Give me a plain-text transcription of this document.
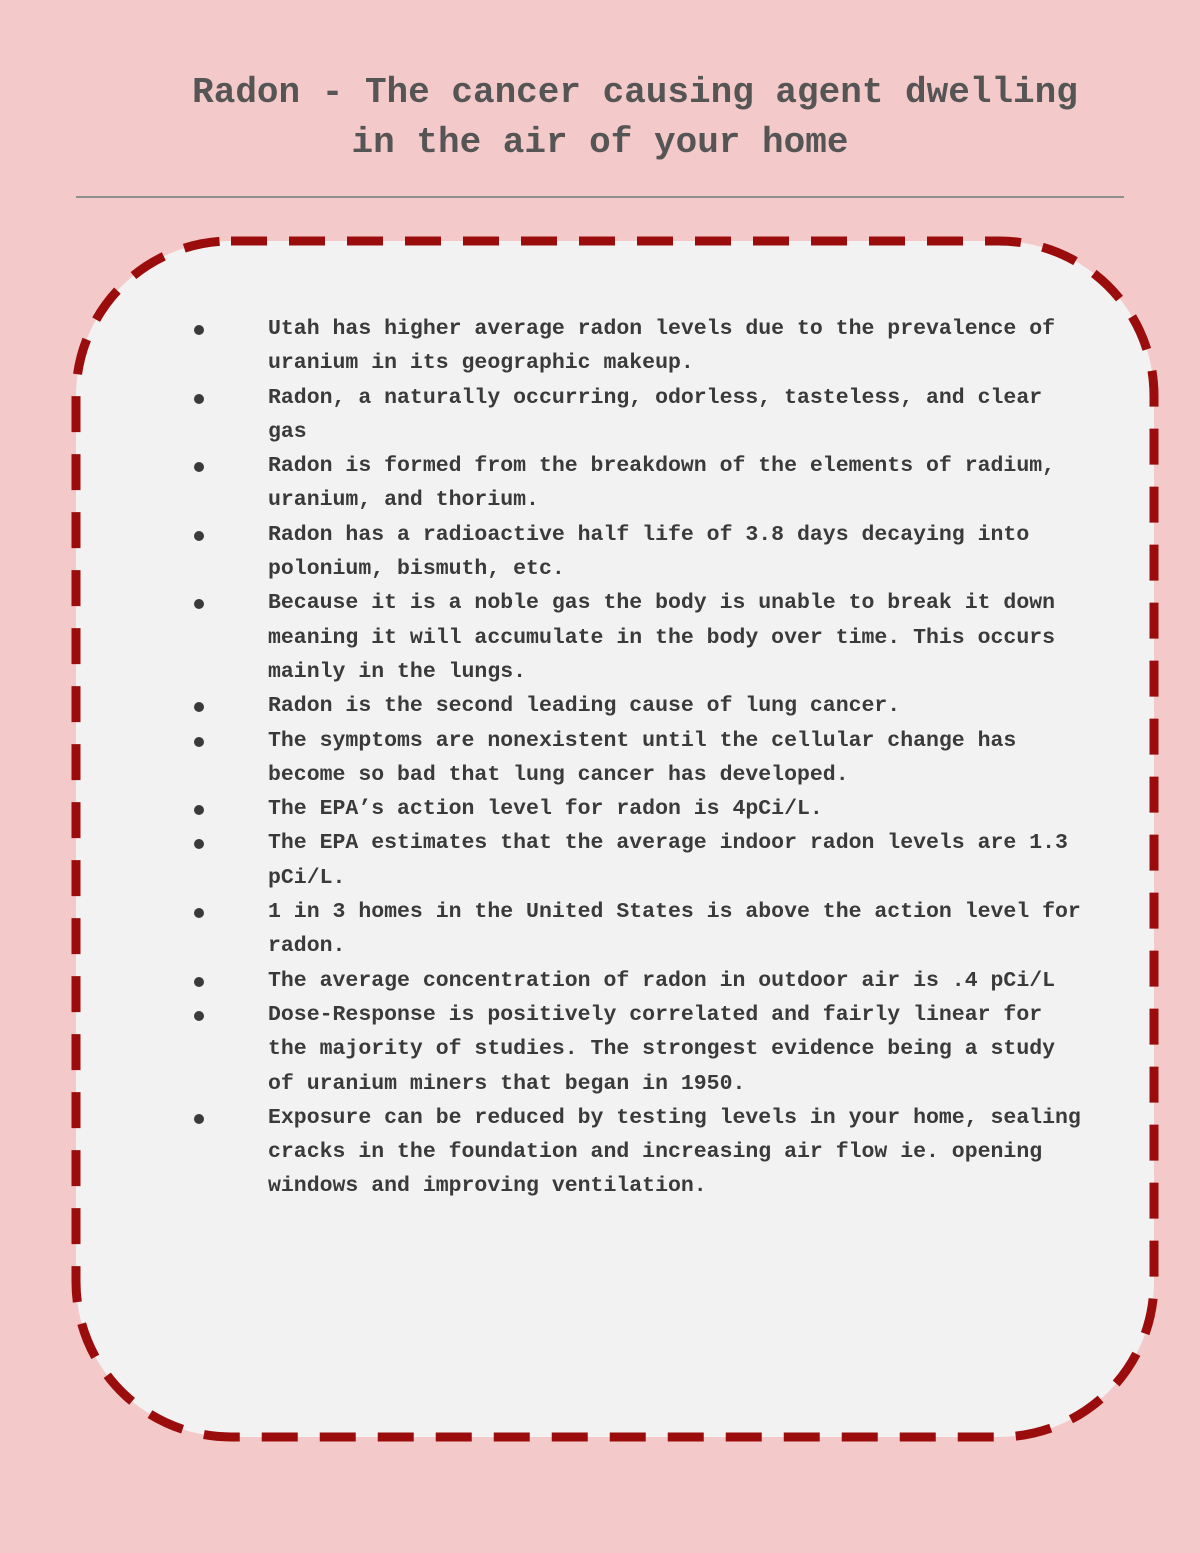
Radon - The cancer causing agent dwelling
in the air of your home
Utah has higher average radon levels due to the prevalence of uranium in its geographic makeup.
Radon, a naturally occurring, odorless, tasteless, and clear gas
Radon is formed from the breakdown of the elements of radium, uranium, and thorium.
Radon has a radioactive half life of 3.8 days decaying into polonium, bismuth, etc.
Because it is a noble gas the body is unable to break it down meaning it will accumulate in the body over time. This occurs mainly in the lungs.
Radon is the second leading cause of lung cancer.
The symptoms are nonexistent until the cellular change has become so bad that lung cancer has developed.
The EPA’s action level for radon is 4pCi/L.
The EPA estimates that the average indoor radon levels are 1.3 pCi/L.
1 in 3 homes in the United States is above the action level for radon.
The average concentration of radon in outdoor air is .4 pCi/L
Dose-Response is positively correlated and fairly linear for the majority of studies. The strongest evidence being a study of uranium miners that began in 1950.
Exposure can be reduced by testing levels in your home, sealing cracks in the foundation and increasing air flow ie. opening windows and improving ventilation.
